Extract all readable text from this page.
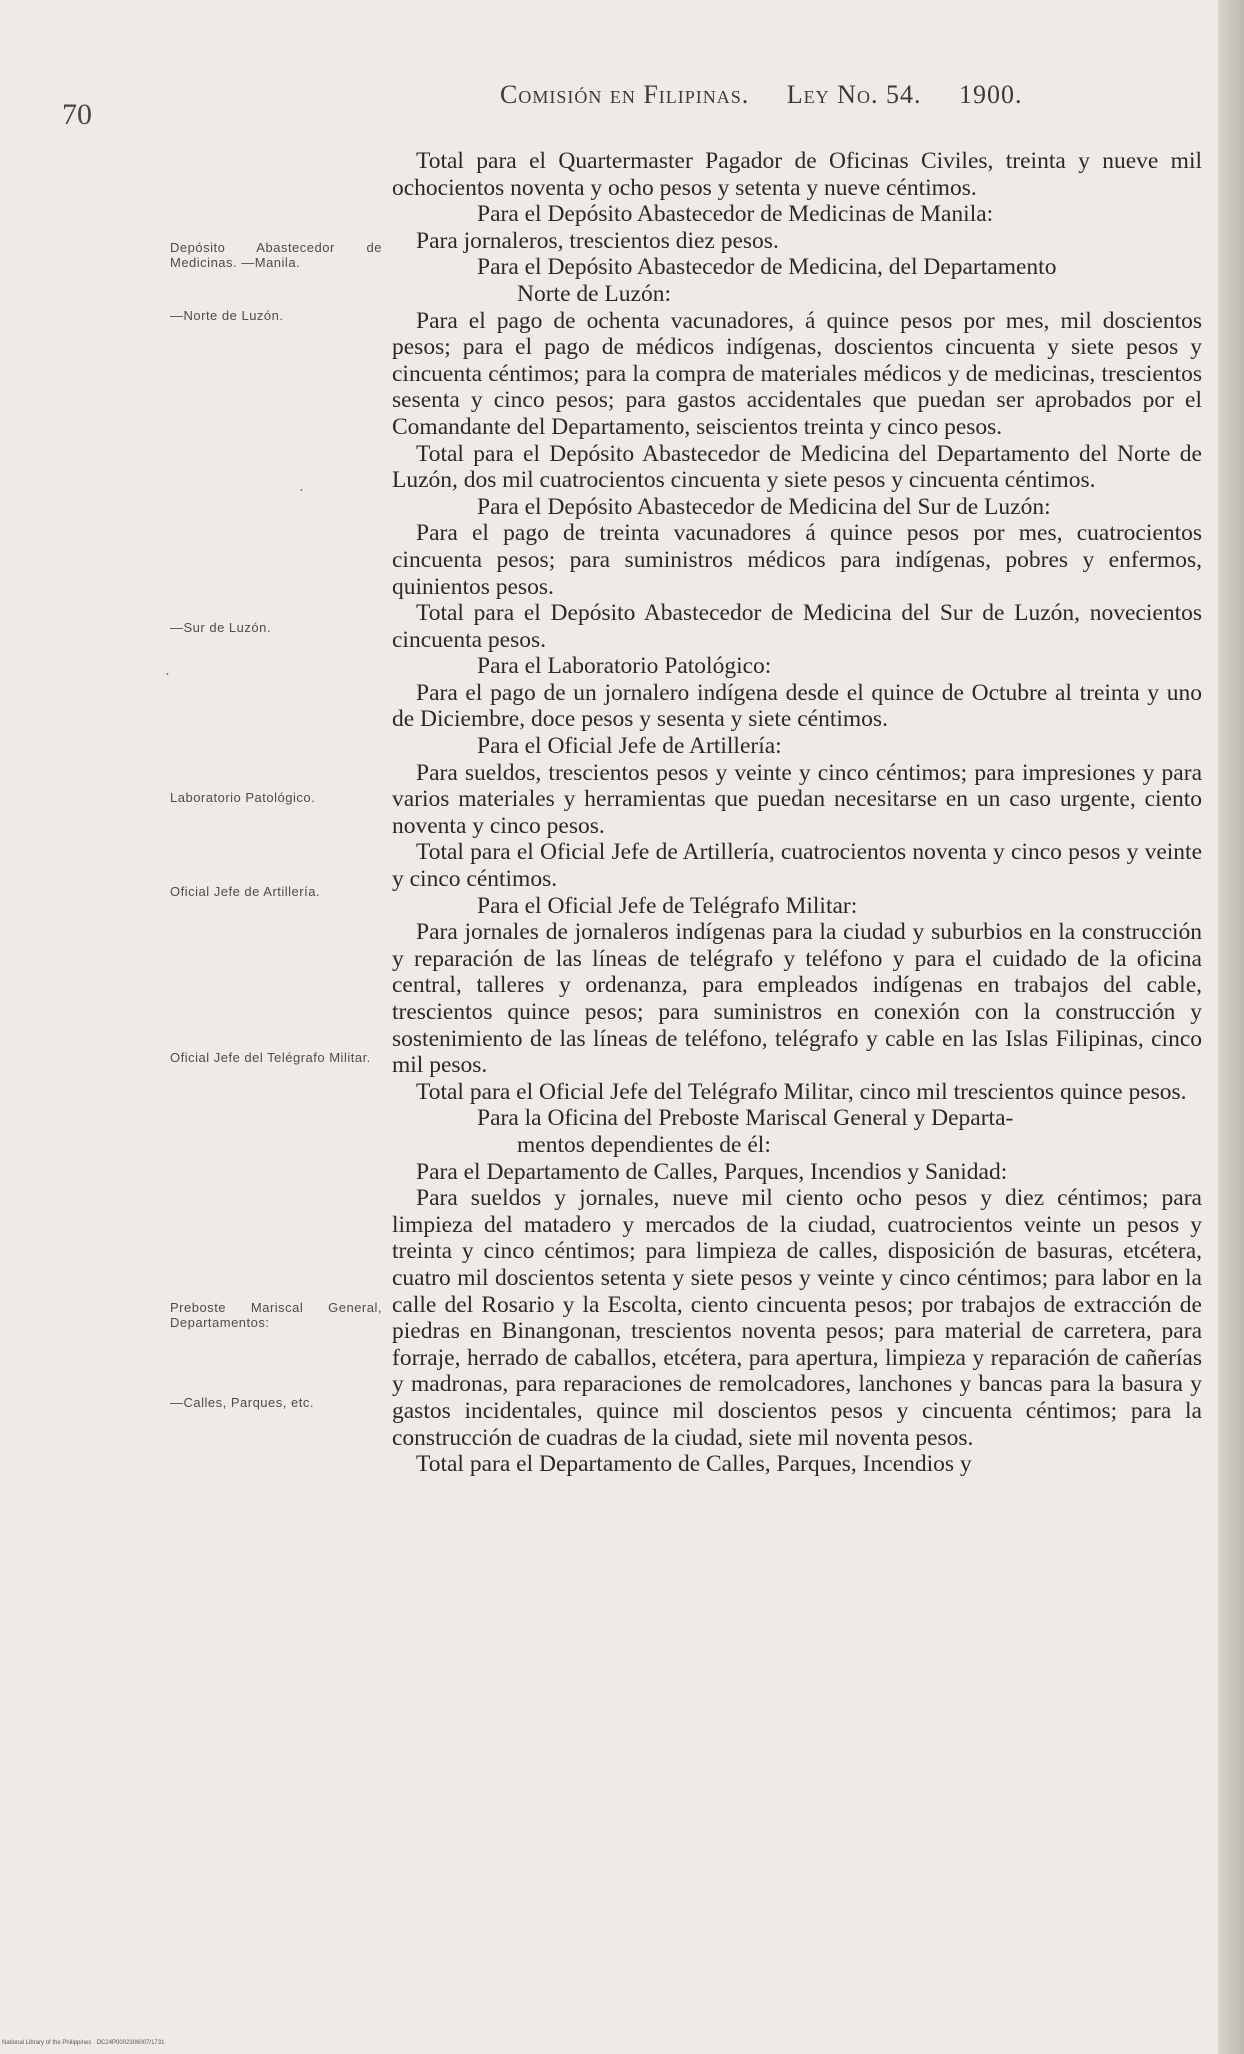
70
Comisión en Filipinas. Ley No. 54. 1900.
Depósito Abastecedor de Medicinas. —Manila.
—Norte de Luzón.
—Sur de Luzón.
Laboratorio Patológico.
Oficial Jefe de Artillería.
Oficial Jefe del Telégrafo Militar.
Preboste Mariscal General, Departamentos:
—Calles, Parques, etc.

Total para el Quartermaster Pagador de Oficinas Civiles, treinta y nueve mil ochocientos noventa y ocho pesos y setenta y nueve céntimos.

Para el Depósito Abastecedor de Medicinas de Manila:

Para jornaleros, trescientos diez pesos.

Para el Depósito Abastecedor de Medicina, del Departamento

Norte de Luzón:

Para el pago de ochenta vacunadores, á quince pesos por mes, mil doscientos pesos; para el pago de médicos indígenas, doscientos cincuenta y siete pesos y cincuenta céntimos; para la compra de materiales médicos y de medicinas, trescientos sesenta y cinco pesos; para gastos accidentales que puedan ser aprobados por el Comandante del Departamento, seiscientos treinta y cinco pesos.

Total para el Depósito Abastecedor de Medicina del Departamento del Norte de Luzón, dos mil cuatrocientos cincuenta y siete pesos y cincuenta céntimos.

Para el Depósito Abastecedor de Medicina del Sur de Luzón:

Para el pago de treinta vacunadores á quince pesos por mes, cuatrocientos cincuenta pesos; para suministros médicos para indígenas, pobres y enfermos, quinientos pesos.

Total para el Depósito Abastecedor de Medicina del Sur de Luzón, novecientos cincuenta pesos.

Para el Laboratorio Patológico:

Para el pago de un jornalero indígena desde el quince de Octubre al treinta y uno de Diciembre, doce pesos y sesenta y siete céntimos.

Para el Oficial Jefe de Artillería:

Para sueldos, trescientos pesos y veinte y cinco céntimos; para impresiones y para varios materiales y herramientas que puedan necesitarse en un caso urgente, ciento noventa y cinco pesos.

Total para el Oficial Jefe de Artillería, cuatrocientos noventa y cinco pesos y veinte y cinco céntimos.

Para el Oficial Jefe de Telégrafo Militar:

Para jornales de jornaleros indígenas para la ciudad y suburbios en la construcción y reparación de las líneas de telégrafo y teléfono y para el cuidado de la oficina central, talleres y ordenanza, para empleados indígenas en trabajos del cable, trescientos quince pesos; para suministros en conexión con la construcción y sostenimiento de las líneas de teléfono, telégrafo y cable en las Islas Filipinas, cinco mil pesos.

Total para el Oficial Jefe del Telégrafo Militar, cinco mil trescientos quince pesos.

Para la Oficina del Preboste Mariscal General y Departa-

mentos dependientes de él:

Para el Departamento de Calles, Parques, Incendios y Sanidad:

Para sueldos y jornales, nueve mil ciento ocho pesos y diez céntimos; para limpieza del matadero y mercados de la ciudad, cuatrocientos veinte un pesos y treinta y cinco céntimos; para limpieza de calles, disposición de basuras, etcétera, cuatro mil doscientos setenta y siete pesos y veinte y cinco céntimos; para labor en la calle del Rosario y la Escolta, ciento cincuenta pesos; por trabajos de extracción de piedras en Binangonan, trescientos noventa pesos; para material de carretera, para forraje, herrado de caballos, etcétera, para apertura, limpieza y reparación de cañerías y madronas, para reparaciones de remolcadores, lanchones y bancas para la basura y gastos incidentales, quince mil doscientos pesos y cincuenta céntimos; para la construcción de cuadras de la ciudad, siete mil noventa pesos.

Total para el Departamento de Calles, Parques, Incendios y

•
•
National Library of the Philippines · DC24P0002306007/1731
